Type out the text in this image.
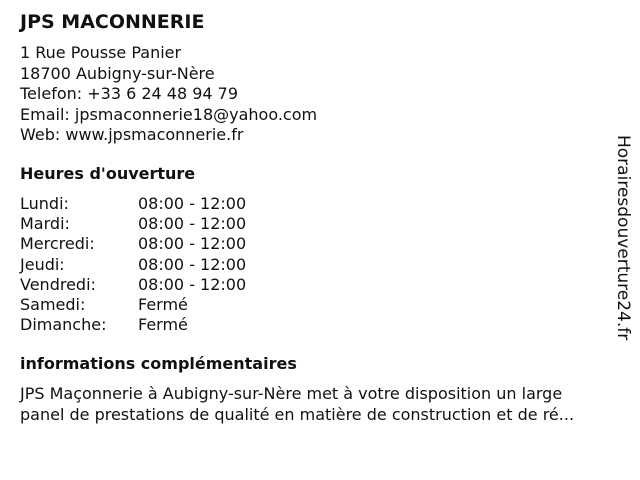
JPS MACONNERIE
1 Rue Pousse Panier
18700 Aubigny-sur-Nère
Telefon: +33 6 24 48 94 79
Email: jpsmaconnerie18@yahoo.com
Web: www.jpsmaconnerie.fr
Heures d'ouverture
Lundi:	08:00 - 12:00
Mardi:	08:00 - 12:00
Mercredi:	08:00 - 12:00
Jeudi:	08:00 - 12:00
Vendredi:	08:00 - 12:00
Samedi:	Fermé
Dimanche:	Fermé
informations complémentaires
JPS Maçonnerie à Aubigny-sur-Nère met à votre disposition un large
panel de prestations de qualité en matière de construction et de ré...
Horairesdouverture24.fr
